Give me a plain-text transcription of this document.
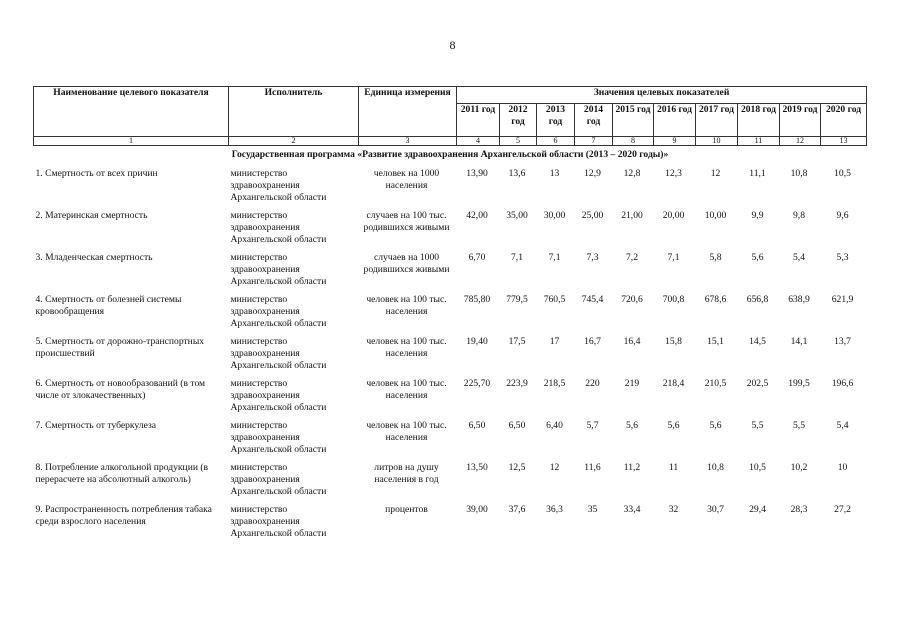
8
Наименование целевого показателя	Исполнитель	Единица измерения	Значения целевых показателей									
			2011 год	2012 год	2013 год	2014 год	2015 год	2016 год	2017 год	2018 год	2019 год	2020 год
1	2	3	4	5	6	7	8	9	10	11	12	13
Государственная программа «Развитие здравоохранения Архангельской области (2013 – 2020 годы)»												
1. Смертность от всех причин	министерство здравоохранения Архангельской области	человек на 1000 населения	13,90	13,6	13	12,9	12,8	12,3	12	11,1	10,8	10,5
2. Материнская смертность	министерство здравоохранения Архангельской области	случаев на 100 тыс. родившихся живыми	42,00	35,00	30,00	25,00	21,00	20,00	10,00	9,9	9,8	9,6
3. Младенческая смертность	министерство здравоохранения Архангельской области	случаев на 1000 родившихся живыми	6,70	7,1	7,1	7,3	7,2	7,1	5,8	5,6	5,4	5,3
4. Смертность от болезней системы кровообращения	министерство здравоохранения Архангельской области	человек на 100 тыс. населения	785,80	779,5	760,5	745,4	720,6	700,8	678,6	656,8	638,9	621,9
5. Смертность от дорожно-транспортных происшествий	министерство здравоохранения Архангельской области	человек на 100 тыс. населения	19,40	17,5	17	16,7	16,4	15,8	15,1	14,5	14,1	13,7
6. Смертность от новообразований (в том числе от злокачественных)	министерство здравоохранения Архангельской области	человек на 100 тыс. населения	225,70	223,9	218,5	220	219	218,4	210,5	202,5	199,5	196,6
7. Смертность от туберкулеза	министерство здравоохранения Архангельской области	человек на 100 тыс. населения	6,50	6,50	6,40	5,7	5,6	5,6	5,6	5,5	5,5	5,4
8. Потребление алкогольной продукции (в перерасчете на абсолютный алкоголь)	министерство здравоохранения Архангельской области	литров на душу населения в год	13,50	12,5	12	11,6	11,2	11	10,8	10,5	10,2	10
9. Распространенность потребления табака среди взрослого населения	министерство здравоохранения Архангельской области	процентов	39,00	37,6	36,3	35	33,4	32	30,7	29,4	28,3	27,2
